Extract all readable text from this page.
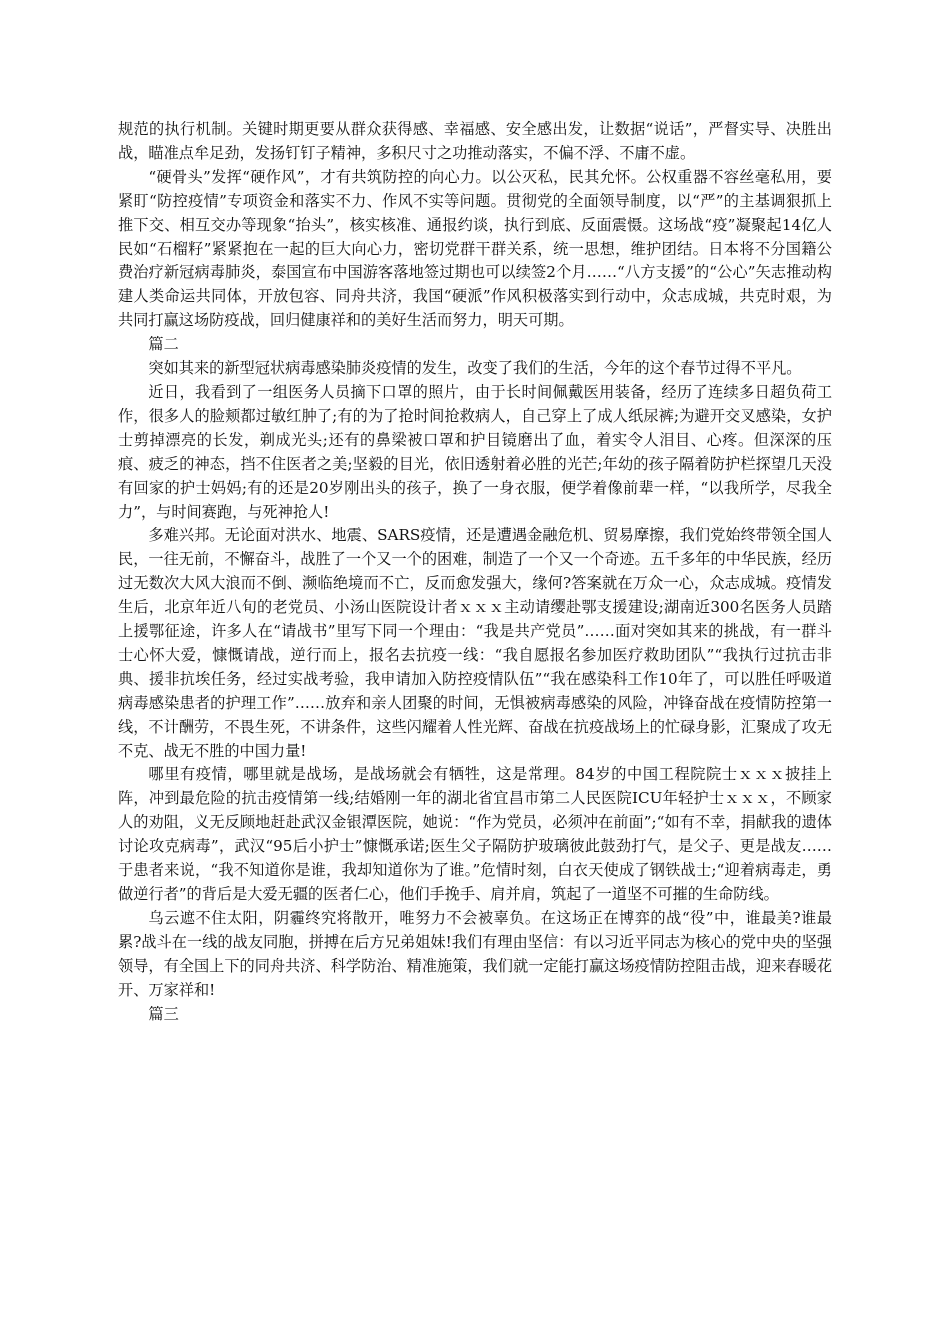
规范的执行机制。关键时期更要从群众获得感、幸福感、安全感出发，让数据“说话”，严督实导、决胜出战，瞄准点牟足劲，发扬钉钉子精神，多积尺寸之功推动落实，不偏不浮、不庸不虚。

“硬骨头”发挥“硬作风”，才有共筑防控的向心力。以公灭私，民其允怀。公权重器不容丝毫私用，要紧盯“防控疫情”专项资金和落实不力、作风不实等问题。贯彻党的全面领导制度，以“严”的主基调狠抓上推下交、相互交办等现象“抬头”，核实核准、通报约谈，执行到底、反面震慑。这场战“疫”凝聚起14亿人民如“石榴籽”紧紧抱在一起的巨大向心力，密切党群干群关系，统一思想，维护团结。日本将不分国籍公费治疗新冠病毒肺炎，泰国宣布中国游客落地签过期也可以续签2个月……“八方支援”的“公心”矢志推动构建人类命运共同体，开放包容、同舟共济，我国“硬派”作风积极落实到行动中，众志成城，共克时艰，为共同打赢这场防疫战，回归健康祥和的美好生活而努力，明天可期。

篇二

突如其来的新型冠状病毒感染肺炎疫情的发生，改变了我们的生活，今年的这个春节过得不平凡。

近日，我看到了一组医务人员摘下口罩的照片，由于长时间佩戴医用装备，经历了连续多日超负荷工作，很多人的脸颊都过敏红肿了;有的为了抢时间抢救病人，自己穿上了成人纸尿裤;为避开交叉感染，女护士剪掉漂亮的长发，剃成光头;还有的鼻梁被口罩和护目镜磨出了血，着实令人泪目、心疼。但深深的压痕、疲乏的神态，挡不住医者之美;坚毅的目光，依旧透射着必胜的光芒;年幼的孩子隔着防护栏探望几天没有回家的护士妈妈;有的还是20岁刚出头的孩子，换了一身衣服，便学着像前辈一样，“以我所学，尽我全力”，与时间赛跑，与死神抢人!

多难兴邦。无论面对洪水、地震、SARS疫情，还是遭遇金融危机、贸易摩擦，我们党始终带领全国人民，一往无前，不懈奋斗，战胜了一个又一个的困难，制造了一个又一个奇迹。五千多年的中华民族，经历过无数次大风大浪而不倒、濒临绝境而不亡，反而愈发强大，缘何?答案就在万众一心，众志成城。疫情发生后，北京年近八旬的老党员、小汤山医院设计者ｘｘｘ主动请缨赴鄂支援建设;湖南近300名医务人员踏上援鄂征途，许多人在“请战书”里写下同一个理由：“我是共产党员”……面对突如其来的挑战，有一群斗士心怀大爱，慷慨请战，逆行而上，报名去抗疫一线：“我自愿报名参加医疗救助团队”“我执行过抗击非典、援非抗埃任务，经过实战考验，我申请加入防控疫情队伍”“我在感染科工作10年了，可以胜任呼吸道病毒感染患者的护理工作”……放弃和亲人团聚的时间，无惧被病毒感染的风险，冲锋奋战在疫情防控第一线，不计酬劳，不畏生死，不讲条件，这些闪耀着人性光辉、奋战在抗疫战场上的忙碌身影，汇聚成了攻无不克、战无不胜的中国力量!

哪里有疫情，哪里就是战场，是战场就会有牺牲，这是常理。84岁的中国工程院院士ｘｘｘ披挂上阵，冲到最危险的抗击疫情第一线;结婚刚一年的湖北省宜昌市第二人民医院ICU年轻护士ｘｘｘ，不顾家人的劝阻，义无反顾地赶赴武汉金银潭医院，她说：“作为党员，必须冲在前面”;“如有不幸，捐献我的遗体讨论攻克病毒”，武汉“95后小护士”慷慨承诺;医生父子隔防护玻璃彼此鼓劲打气，是父子、更是战友……于患者来说，“我不知道你是谁，我却知道你为了谁。”危情时刻，白衣天使成了钢铁战士;“迎着病毒走，勇做逆行者”的背后是大爱无疆的医者仁心，他们手挽手、肩并肩，筑起了一道坚不可摧的生命防线。

乌云遮不住太阳，阴霾终究将散开，唯努力不会被辜负。在这场正在博弈的战“役”中，谁最美?谁最累?战斗在一线的战友同胞，拼搏在后方兄弟姐妹!我们有理由坚信：有以习近平同志为核心的党中央的坚强领导，有全国上下的同舟共济、科学防治、精准施策，我们就一定能打赢这场疫情防控阻击战，迎来春暖花开、万家祥和!

篇三
